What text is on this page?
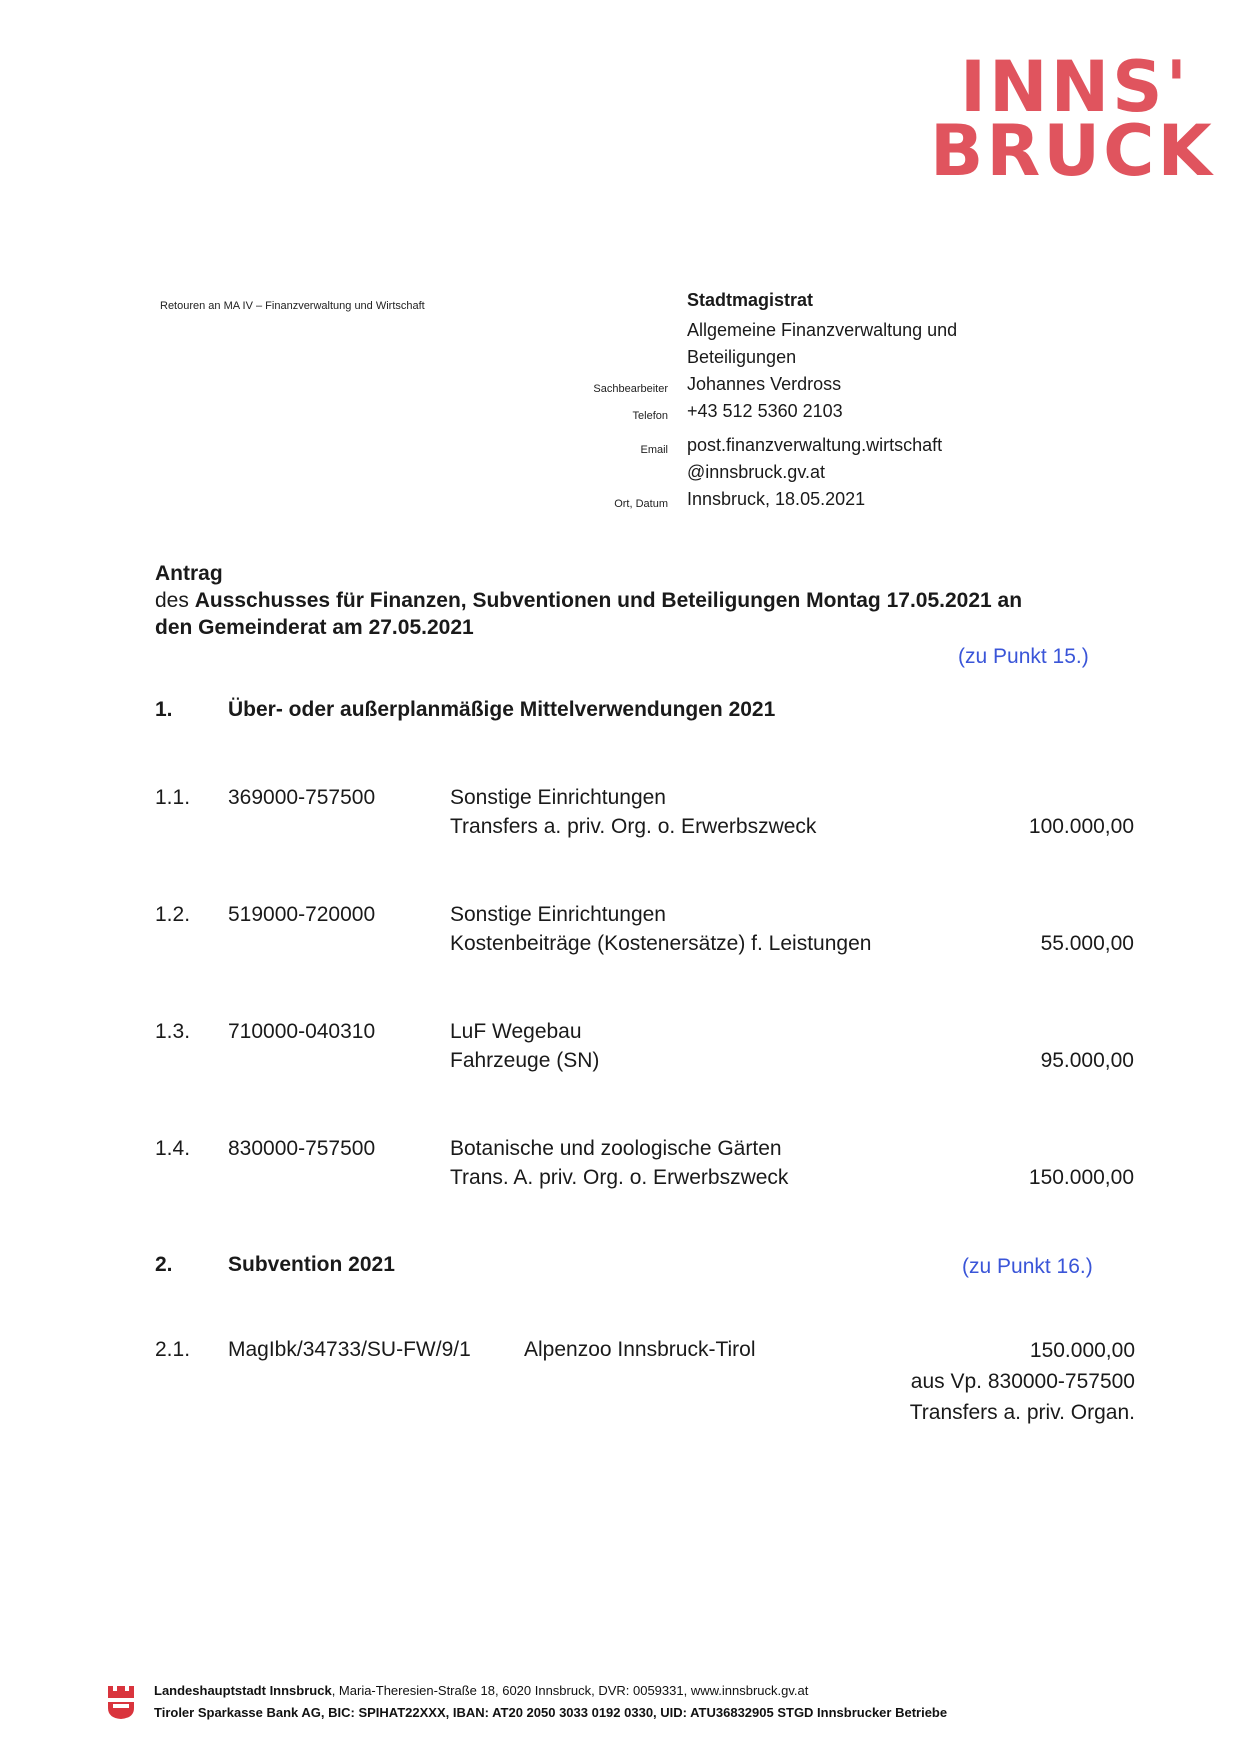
INNS'
BRUCK
Retouren an MA IV – Finanzverwaltung und Wirtschaft	Stadtmagistrat
Allgemeine Finanzverwaltung und
Beteiligungen
Sachbearbeiter Johannes Verdross
Telefon +43 512 5360 2103
Email post.finanzverwaltung.wirtschaft
@innsbruck.gv.at
Ort, Datum Innsbruck, 18.05.2021
Antrag
des Ausschusses für Finanzen, Subventionen und Beteiligungen Montag 17.05.2021 an
den Gemeinderat am 27.05.2021
(zu Punkt 15.)
1.	Über- oder außerplanmäßige Mittelverwendungen 2021
1.1. 369000-757500	Sonstige Einrichtungen
Transfers a. priv. Org. o. Erwerbszweck	100.000,00
1.2. 519000-720000	Sonstige Einrichtungen
Kostenbeiträge (Kostenersätze) f. Leistungen	55.000,00
1.3. 710000-040310	LuF Wegebau
Fahrzeuge (SN)	95.000,00
1.4. 830000-757500	Botanische und zoologische Gärten
Trans. A. priv. Org. o. Erwerbszweck	150.000,00
2.	Subvention 2021	(zu Punkt 16.)
2.1. MagIbk/34733/SU-FW/9/1	Alpenzoo Innsbruck-Tirol	150.000,00
aus Vp. 830000-757500
Transfers a. priv. Organ.
Landeshauptstadt Innsbruck, Maria-Theresien-Straße 18, 6020 Innsbruck, DVR: 0059331, www.innsbruck.gv.at
Tiroler Sparkasse Bank AG, BIC: SPIHAT22XXX, IBAN: AT20 2050 3033 0192 0330, UID: ATU36832905 STGD Innsbrucker Betriebe
